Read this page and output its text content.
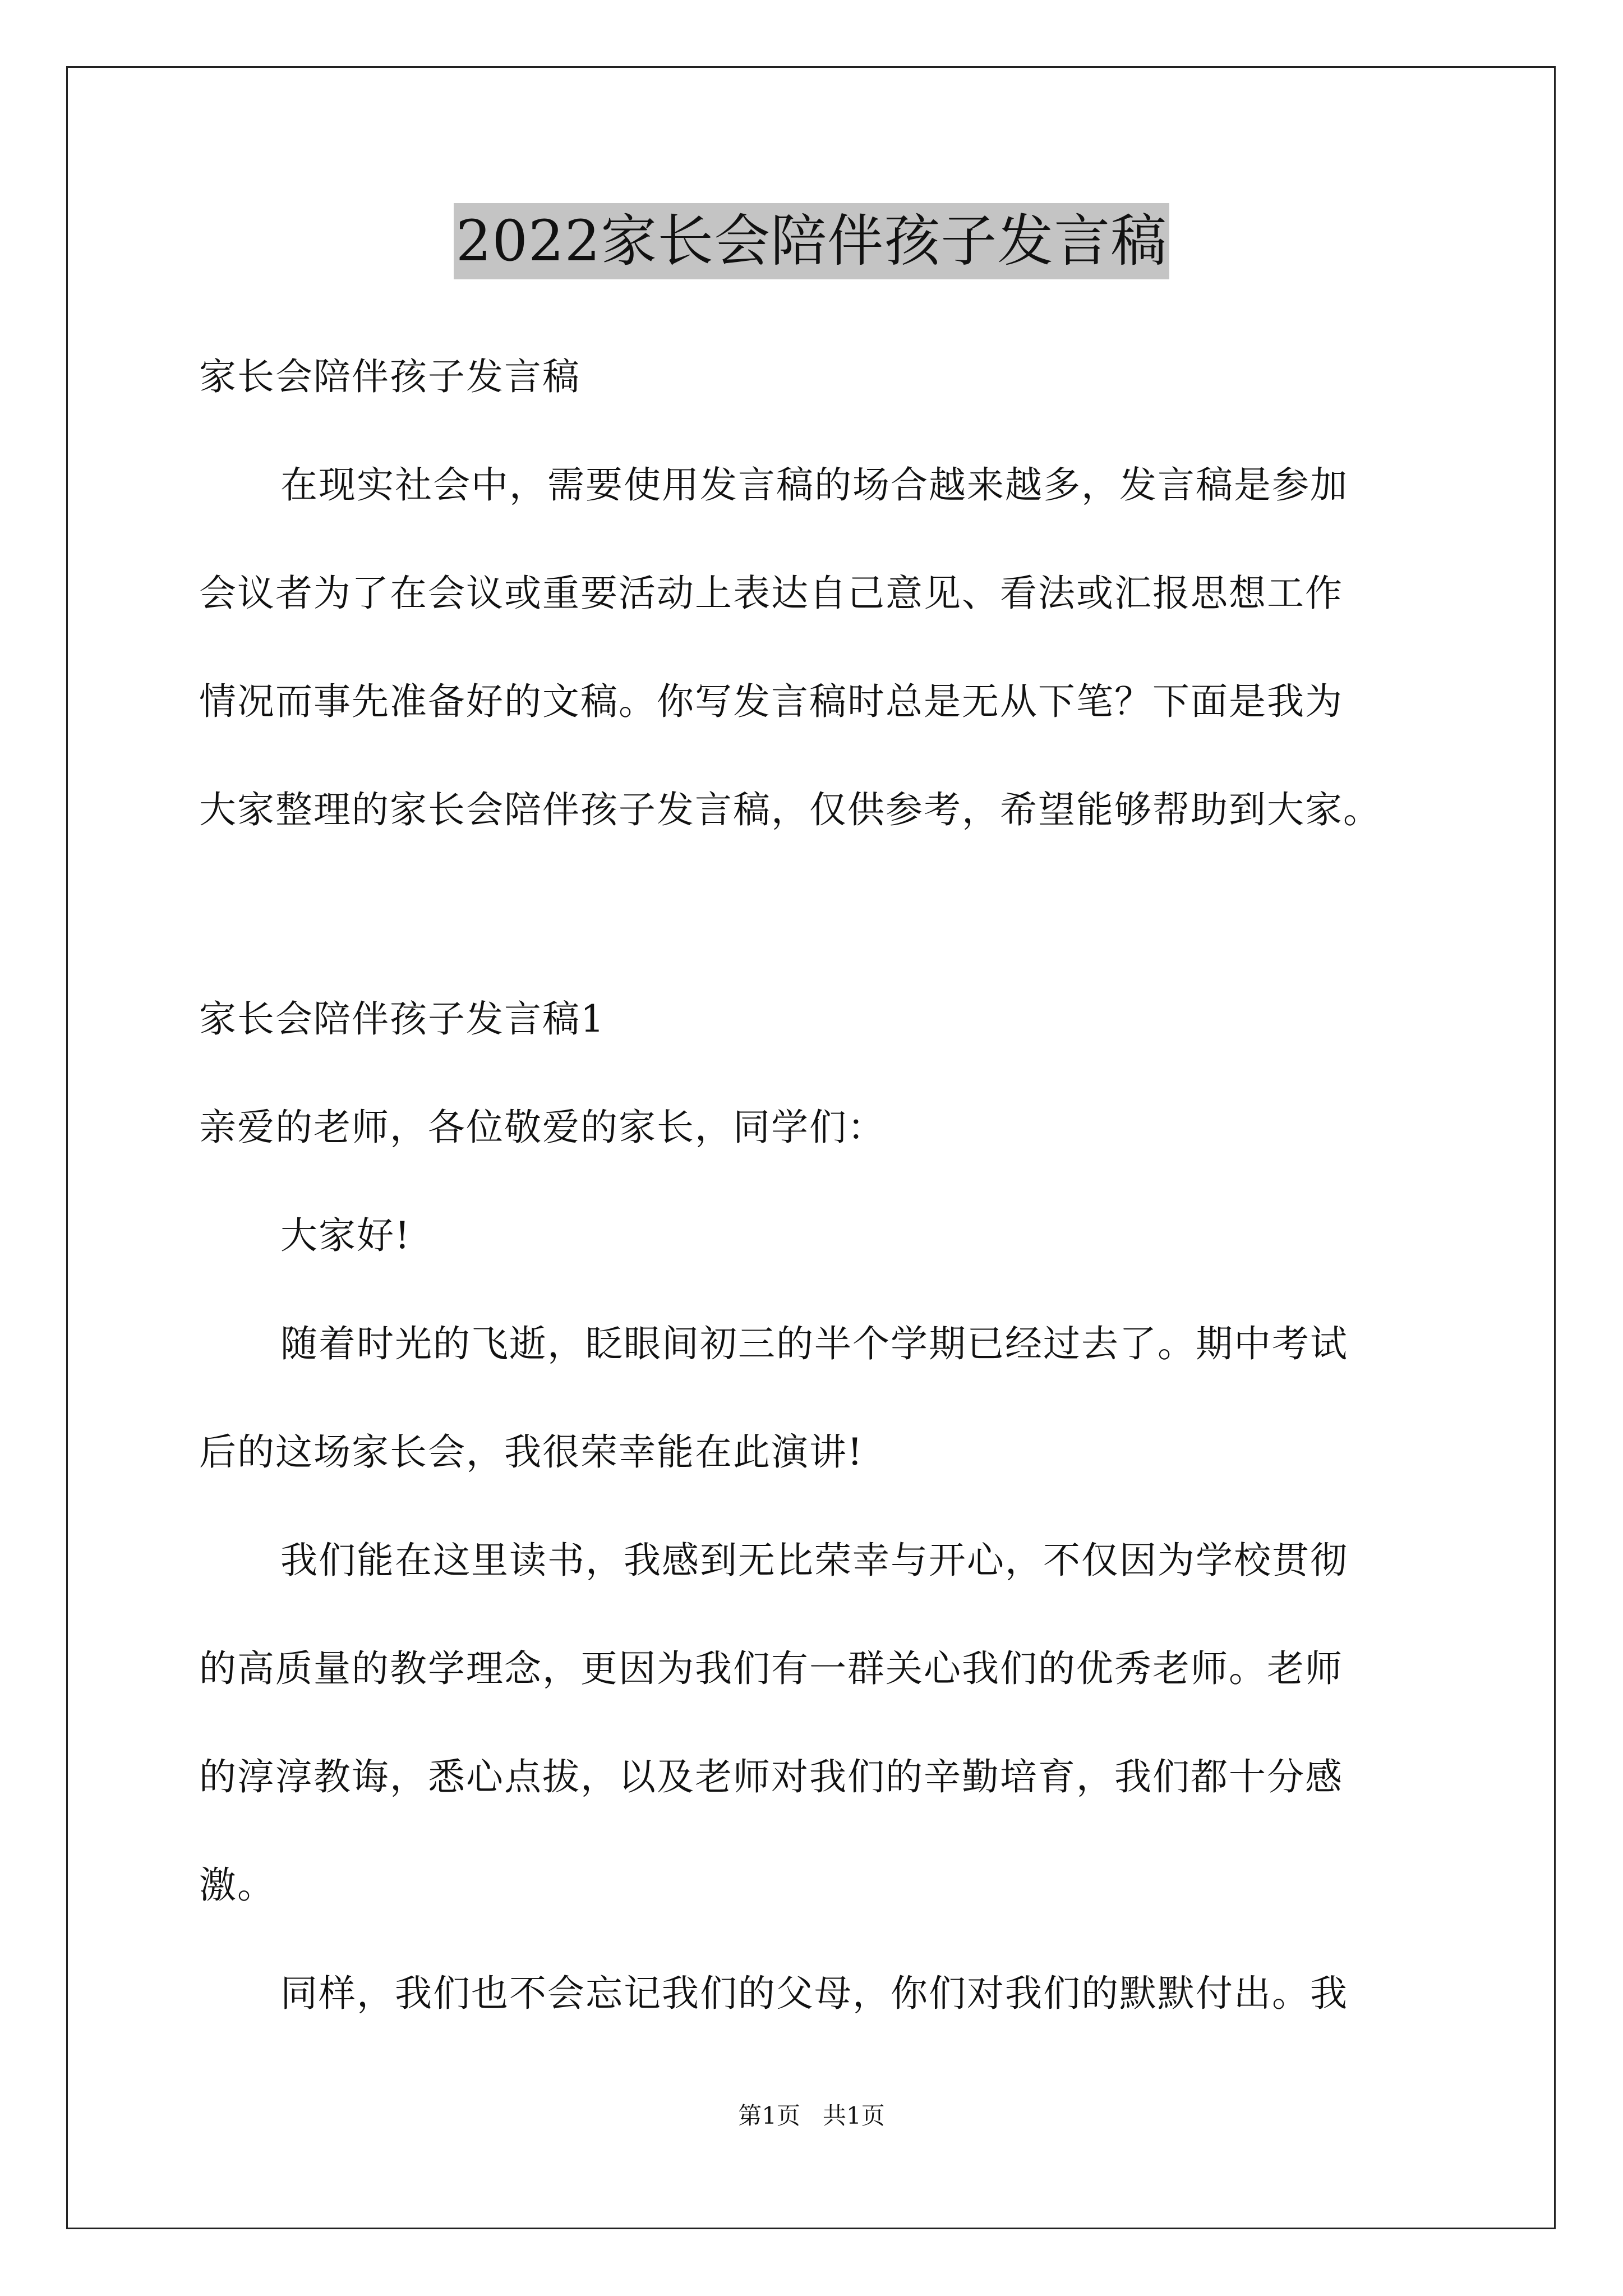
2022家长会陪伴孩子发言稿
家长会陪伴孩子发言稿
在现实社会中，需要使用发言稿的场合越来越多，发言稿是参加
会议者为了在会议或重要活动上表达自己意见、看法或汇报思想工作
情况而事先准备好的文稿。你写发言稿时总是无从下笔？下面是我为
大家整理的家长会陪伴孩子发言稿，仅供参考，希望能够帮助到大家。
家长会陪伴孩子发言稿1
亲爱的老师，各位敬爱的家长，同学们：
大家好!
随着时光的飞逝，眨眼间初三的半个学期已经过去了。期中考试
后的这场家长会，我很荣幸能在此演讲!
我们能在这里读书，我感到无比荣幸与开心，不仅因为学校贯彻
的高质量的教学理念，更因为我们有一群关心我们的优秀老师。老师
的淳淳教诲，悉心点拔，以及老师对我们的辛勤培育，我们都十分感
激。
同样，我们也不会忘记我们的父母，你们对我们的默默付出。我
第1页   共1页
